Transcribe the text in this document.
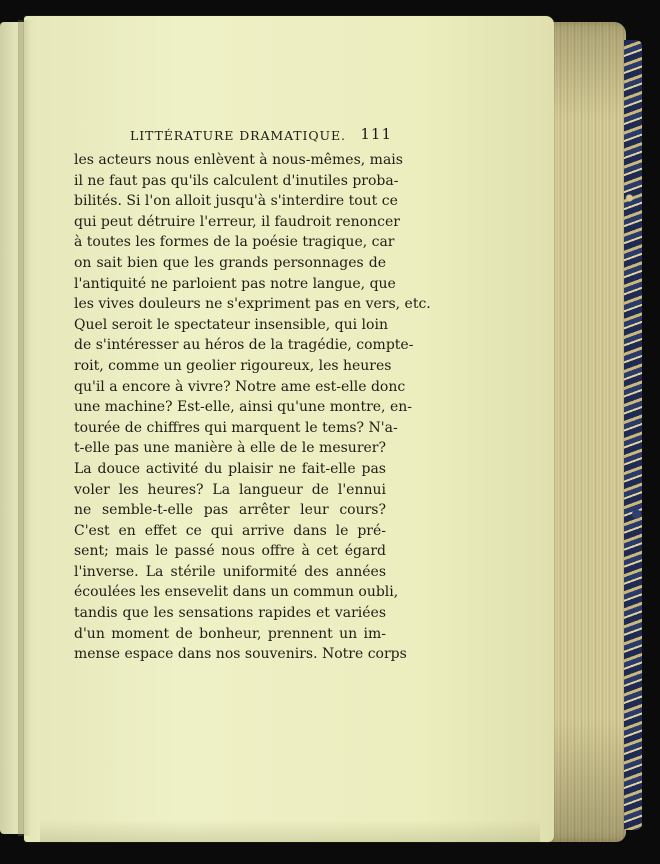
LITTÉRATURE DRAMATIQUE. 111
les acteurs nous enlèvent à nous-mêmes, mais
il ne faut pas qu'ils calculent d'inutiles proba-
bilités. Si l'on alloit jusqu'à s'interdire tout ce
qui peut détruire l'erreur, il faudroit renoncer
à toutes les formes de la poésie tragique, car
on sait bien que les grands personnages de
l'antiquité ne parloient pas notre langue, que
les vives douleurs ne s'expriment pas en vers, etc.
Quel seroit le spectateur insensible, qui loin
de s'intéresser au héros de la tragédie, compte-
roit, comme un geolier rigoureux, les heures
qu'il a encore à vivre? Notre ame est-elle donc
une machine? Est-elle, ainsi qu'une montre, en-
tourée de chiffres qui marquent le tems? N'a-
t-elle pas une manière à elle de le mesurer?
La douce activité du plaisir ne fait-elle pas
voler les heures? La langueur de l'ennui
ne semble-t-elle pas arrêter leur cours?
C'est en effet ce qui arrive dans le pré-
sent; mais le passé nous offre à cet égard
l'inverse. La stérile uniformité des années
écoulées les ensevelit dans un commun oubli,
tandis que les sensations rapides et variées
d'un moment de bonheur, prennent un im-
mense espace dans nos souvenirs. Notre corps
